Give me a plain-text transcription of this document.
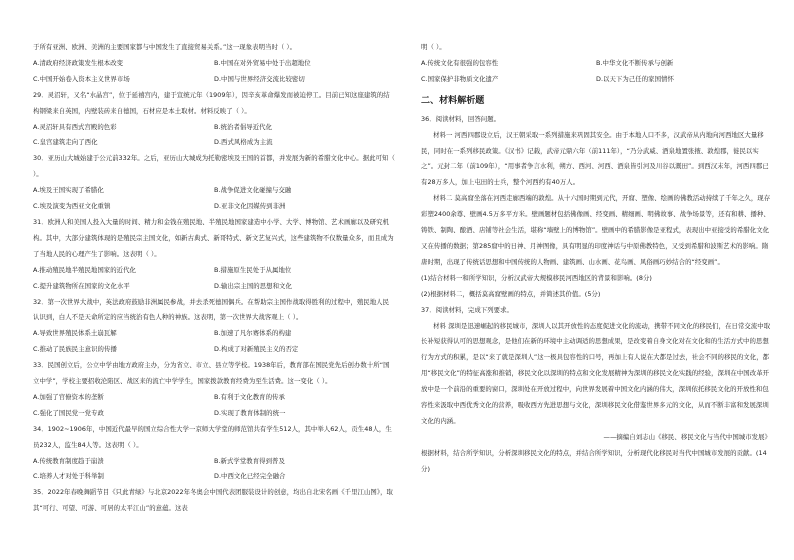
于所有亚洲、欧洲、美洲的主要国家都与中国发生了直接贸易关系。”这一现象表明当时（ ）。

A.清政府经济政策发生根本改变	B.中国在对外贸易中处于出超地位
C.中国开始卷入资本主义世界市场	D.中国与世界经济交流比较密切

29．灵沼轩，又名“水晶宫”，位于延禧宫内，建于宣统元年（1909年），因辛亥革命爆发而被迫停工。目前已知这座建筑的结构钢梁来自英国，内壁装砖来自德国，石材应是本土取材。材料反映了（ ）。

A.灵沼轩具有西式宫殿的色彩	B.统治者倡导近代化
C.皇宫建筑走向了西化	D.西式风格成为主流

30．亚历山大城始建于公元前332年。之后，亚历山大城成为托勒密埃及王国的首都，并发展为新的希腊文化中心。据此可知（ ）。

A.埃及王国实现了希腊化	B.战争促进文化碰撞与交融
C.埃及演变为西亚文化重镇	D.亚非文化因媒传到非洲

31．欧洲人和美国人投入大量的时间、精力和金钱在殖民地、半殖民地国家建造中小学、大学、博物馆、艺术画廊以及研究机构。其中，大部分建筑体现的是殖民宗主国文化，如新古典式、新哥特式、新文艺复兴式，这些建筑物不仅数量众多，而且成为了当地人民的心理产生了影响。这表明（ ）。

A.推动殖民地半殖民地国家的近代化	B.措施原生民处于从属地位
C.提升建筑物所在国家的文化水平	D.输出宗主国的思想和文化

32．第一次世界大战中，英法政府鼓励非洲属民参战，并去杀死德国偶兵。在帮助宗主国作战取得胜利的过程中，殖民地人民认识到，白人不是天命所定的应当统治有色人种的神族。这表明，第一次世界大战客观上（ ）。

A.导致世界殖民体系土崩瓦解	B.加速了凡尔赛体系的构建
C.推动了民族民主意识的传播	D.构成了对新殖民主义的否定

33．民国创立后，公立中学由地方政府主办，分为省立、市立、县立等学校。1938年后，教育部在国民党先后创办数十所“国立中学”，学校主要招收沦陷区、战区来的流亡中学学生，国家拨款教育经费为至生活费。这一变化（ ）。

A.加强了官僚资本的垄断	B.有利于文化教育的传承
C.强化了国民党一党专政	D.实现了教育体制的统一

34．1902~1906年，中国近代最早的国立综合性大学一京师大学堂的师范馆共有学生512人，其中举人62人，贡生48人，生员232人，监生84人等。这表明（ ）。

A.传统教育制度趋于崩溃	B.新式学堂教育得到普及
C.培养人才对处于科举制	D.中西文化已经完全融合

35．2022年春晚舞蹈节目《只此青绿》与北京2022年冬奥会中国代表团服装设计的创意，均出自北宋名画《千里江山图》，取其“可行、可望、可游、可居的太平江山”的意蕴。这表

明（ ）。

A.传统文化有很强的包容性	B.中华文化不断传承与创新
C.国家保护非物质文化遗产	D.以天下为己任的家国情怀

二、材料解析题

36．阅读材料，回答问题。

材料一 河西四郡设立后，汉王朝采取一系列措施来巩固其安全。由于本地人口不多，汉武帝从内地向河西地区大量移民，同时在一系列移民政策。《汉书》记载，武帝元鼎六年（前111年），“乃分武威、酒泉地置张掖、敦煌郡，徙民以实之”。元封二年（前109年），“用事者争言水利，朔方、西河、河西、酒泉皆引河及川谷以溉田”。到西汉末年，河西四郡已有28万多人，加上屯田的士兵，整个河西约有40万人。

材料二 莫高窟坐落在河西走廊西端的敦煌。从十六国时期到元代，开窟、塑像、绘画的佛教活动持续了千年之久，现存彩塑2400余尊、壁画4.5万多平方米。壁画题材包括佛像画、经变画、精细画、明佛故事、战争场景等，还有和耕、播种、铸铁、制陶、酿酒、店铺等社会生活，堪称“墙壁上的博物馆”。壁画中的希腊影像是亚程式，表现出中亚接受的希腊化文化又在传播的数据；第285窟中的日神、月神图像，具有明显的印度神话与中原佛教特色，又受到希腊和波斯艺术的影响。隋唐时期，出现了传统话思想和中国传统的人物画、建筑画、山水画、花鸟画、风俗画巧妙结合的“经变画”。

(1)结合材料一和所学知识，分析汉武帝大规模移民河西地区的背景和影响。(8分)

(2)根据材料二，概括莫高窟壁画的特点，并简述其价值。(5分)

37．阅读材料，完成下列要求。

材料 深圳是迅速崛起的移民城市，深圳人以其开放性的态度促进文化的流动，携带不同文化的移民们，在日常交流中取长补短获得认可的思想观念，是他们在新的环境中主动调适的思想成果，是改变着自身文化对在文化和的生活方式中的思想行为方式的积累，是以“来了就是深圳人”这一极具包容性的口号，再加上有人说在大都是过去，社会不同的移民的文化，都用“移民文化”的特征高涨和推销，移民文化以深圳的特点和文化发展精神为深圳的移民文化实践的经验，深圳在中国改革开放中是一个前沿的重要的窗口，深圳处在开放过程中，向世界发展着中国文化内涵的伟大，深圳依托移民文化的开放性和包容性来汲取中西优秀文化的营养，吸收西方先进思想与文化，深圳移民文化借鉴世界多元的文化，从而不断丰富和发展深圳文化的内涵。

——摘编自刘志山《移民、移民文化与当代中国城市发展》

根据材料，结合所学知识，分析深圳移民文化的特点，并结合所学知识，分析现代化移民对当代中国城市发展的贡献。(14分)
